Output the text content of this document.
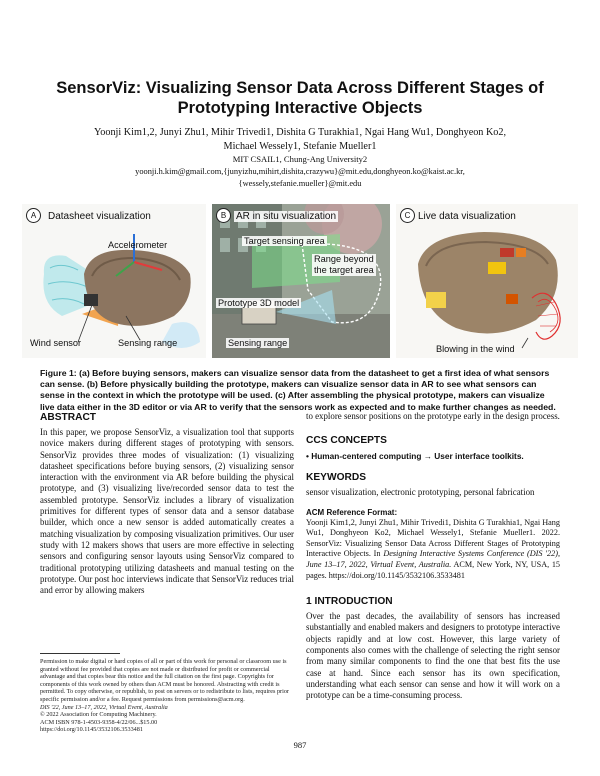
SensorViz: Visualizing Sensor Data Across Different Stages of Prototyping Interactive Objects
Yoonji Kim1,2, Junyi Zhu1, Mihir Trivedi1, Dishita G Turakhia1, Ngai Hang Wu1, Donghyeon Ko2,
Michael Wessely1, Stefanie Mueller1
MIT CSAIL1, Chung-Ang University2
yoonji.h.kim@gmail.com,{junyizhu,mihirt,dishita,crazywu}@mit.edu,donghyeon.ko@kaist.ac.kr,
{wessely,stefanie.mueller}@mit.edu
A	Datasheet visualization
Accelerometer
Wind sensor	Sensing range
B AR in situ visualization
Target sensing area
Range beyond
the target area
Prototype 3D model
Sensing range
C Live data visualization
Blowing in the wind

Figure 1: (a) Before buying sensors, makers can visualize sensor data from the datasheet to get a first idea of what sensors can sense. (b) Before physically building the prototype, makers can visualize sensor data in AR to see what sensors can sense in the context in which the prototype will be used. (c) After assembling the physical prototype, makers can visualize live data either in the 3D editor or via AR to verify that the sensors work as expected and to make further changes as needed.

ABSTRACT

In this paper, we propose SensorViz, a visualization tool that supports novice makers during different stages of prototyping with sensors. SensorViz provides three modes of visualization: (1) visualizing datasheet specifications before buying sensors, (2) visualizing sensor interaction with the environment via AR before building the physical prototype, and (3) visualizing live/recorded sensor data to test the assembled prototype. SensorViz includes a library of visualization primitives for different types of sensor data and a sensor database builder, which once a new sensor is added automatically creates a matching visualization by composing visualization primitives. Our user study with 12 makers shows that users are more effective in selecting sensors and configuring sensor layouts using SensorViz compared to traditional prototyping utilizing datasheets and manual testing on the prototype. Our post hoc interviews indicate that SensorViz reduces trial and error by allowing makers

Permission to make digital or hard copies of all or part of this work for personal or classroom use is granted without fee provided that copies are not made or distributed for profit or commercial advantage and that copies bear this notice and the full citation on the first page. Copyrights for components of this work owned by others than ACM must be honored. Abstracting with credit is permitted. To copy otherwise, or republish, to post on servers or to redistribute to lists, requires prior specific permission and/or a fee. Request permissions from permissions@acm.org.
DIS '22, June 13–17, 2022, Virtual Event, Australia
© 2022 Association for Computing Machinery.
ACM ISBN 978-1-4503-9358-4/22/06...$15.00
https://doi.org/10.1145/3532106.3533481

to explore sensor positions on the prototype early in the design process.

CCS CONCEPTS

• Human-centered computing → User interface toolkits.

KEYWORDS

sensor visualization, electronic prototyping, personal fabrication

ACM Reference Format:

Yoonji Kim1,2, Junyi Zhu1, Mihir Trivedi1, Dishita G Turakhia1, Ngai Hang Wu1, Donghyeon Ko2, Michael Wessely1, Stefanie Mueller1. 2022. SensorViz: Visualizing Sensor Data Across Different Stages of Prototyping Interactive Objects. In Designing Interactive Systems Conference (DIS '22), June 13–17, 2022, Virtual Event, Australia. ACM, New York, NY, USA, 15 pages. https://doi.org/10.1145/3532106.3533481

1 INTRODUCTION

Over the past decades, the availability of sensors has increased substantially and enabled makers and designers to prototype interactive objects rapidly and at low cost. However, this large variety of components also comes with the challenge of selecting the right sensor from many similar components to find the one that best fits the use case at hand. Since each sensor has its own specification, understanding what each sensor can sense and how it will work on a prototype can be a time-consuming process.

987
